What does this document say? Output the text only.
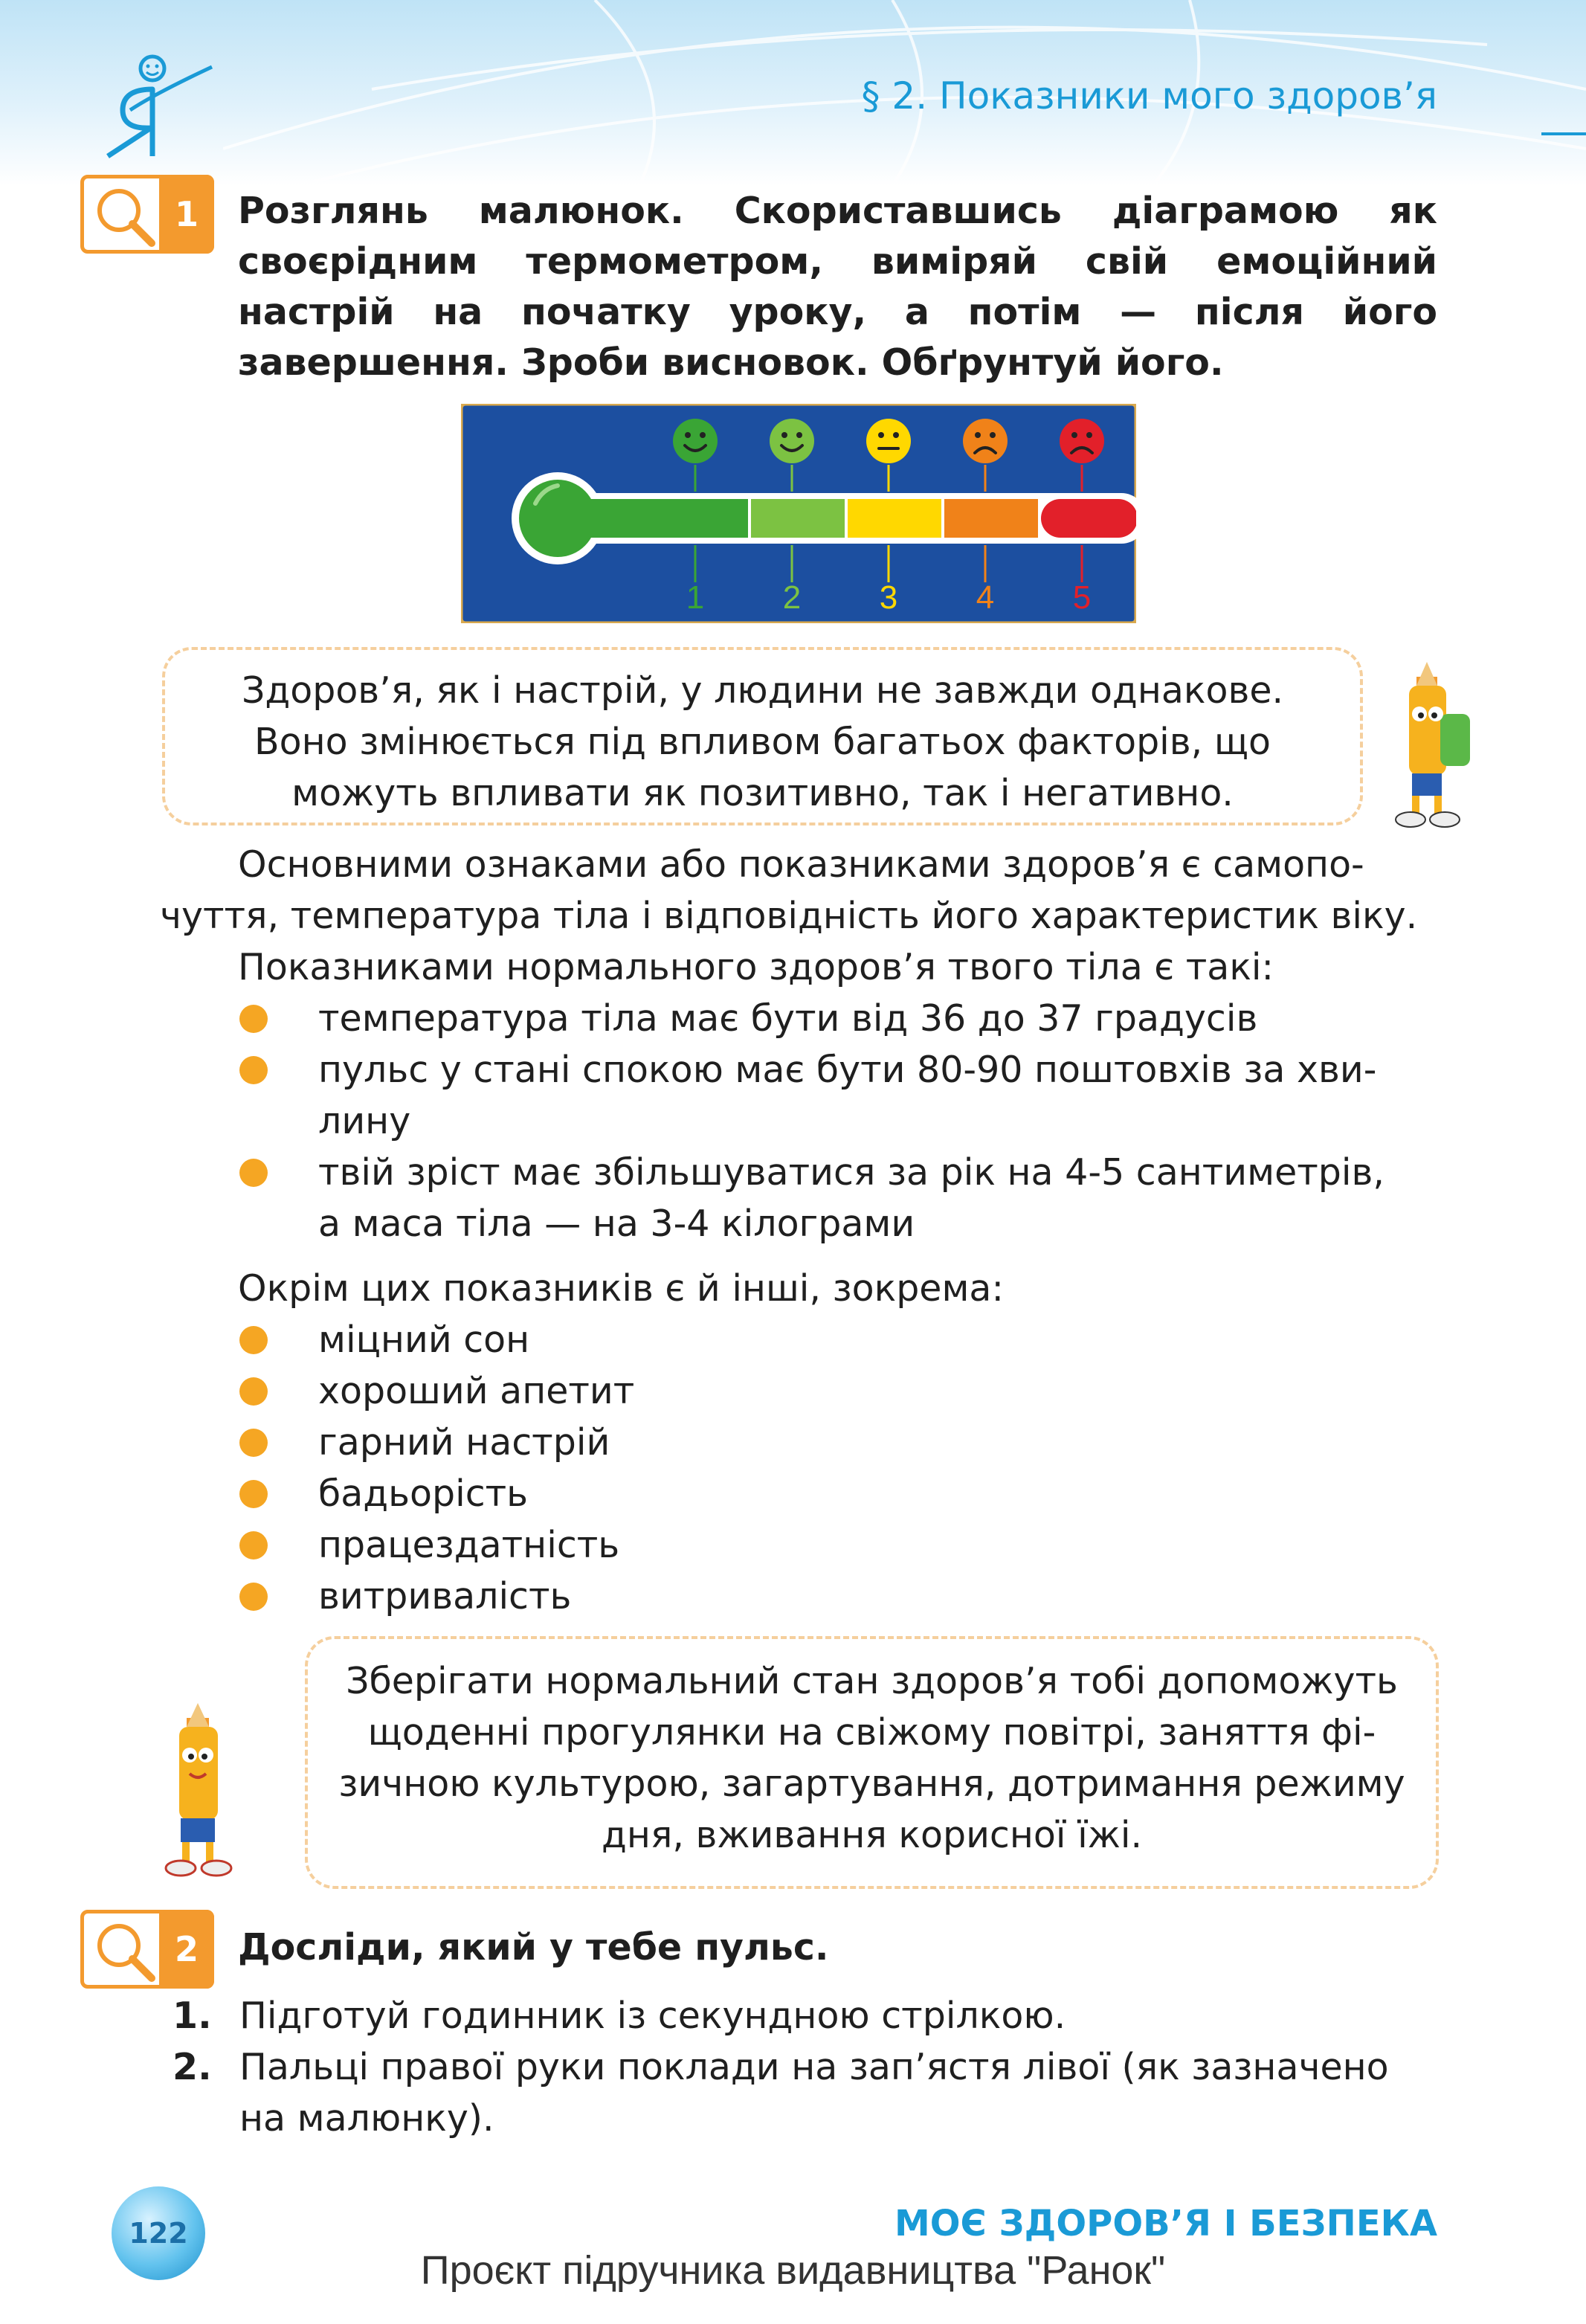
§ 2. Показники мого здоров’я
1	Розглянь малюнок. Скориставшись діаграмою як своєрідним термометром, виміряй свій емоційний настрій на початку уроку, а потім — після його завершення. Зроби висновок. Обґрунтуй його.
1 2 3 4 5
Здоров’я, як і настрій, у людини не завжди однакове.
Воно змінюється під впливом багатьох факторів, що
можуть впливати як позитивно, так і негативно.
Основними ознаками або показниками здоров’я є самопо-
чуття, температура тіла і відповідність його характеристик віку.
Показниками нормального здоров’я твого тіла є такі:
температура тіла має бути від 36 до 37 градусів
пульс у стані спокою має бути 80-90 поштовхів за хви-
лину
твій зріст має збільшуватися за рік на 4-5 сантиметрів,
а маса тіла — на 3-4 кілограми
Окрім цих показників є й інші, зокрема:
міцний сон
хороший апетит
гарний настрій
бадьорість
працездатність
витривалість
Зберігати нормальний стан здоров’я тобі допоможуть
щоденні прогулянки на свіжому повітрі, заняття фі-
зичною культурою, загартування, дотримання режиму
дня, вживання корисної їжі.
2	Досліди, який у тебе пульс.
1. Підготуй годинник із секундною стрілкою.
2. Пальці правої руки поклади на зап’ястя лівої (як зазначено
на малюнку).
122	МОЄ ЗДОРОВ’Я І БЕЗПЕКА
Проєкт підручника видавництва "Ранок"
